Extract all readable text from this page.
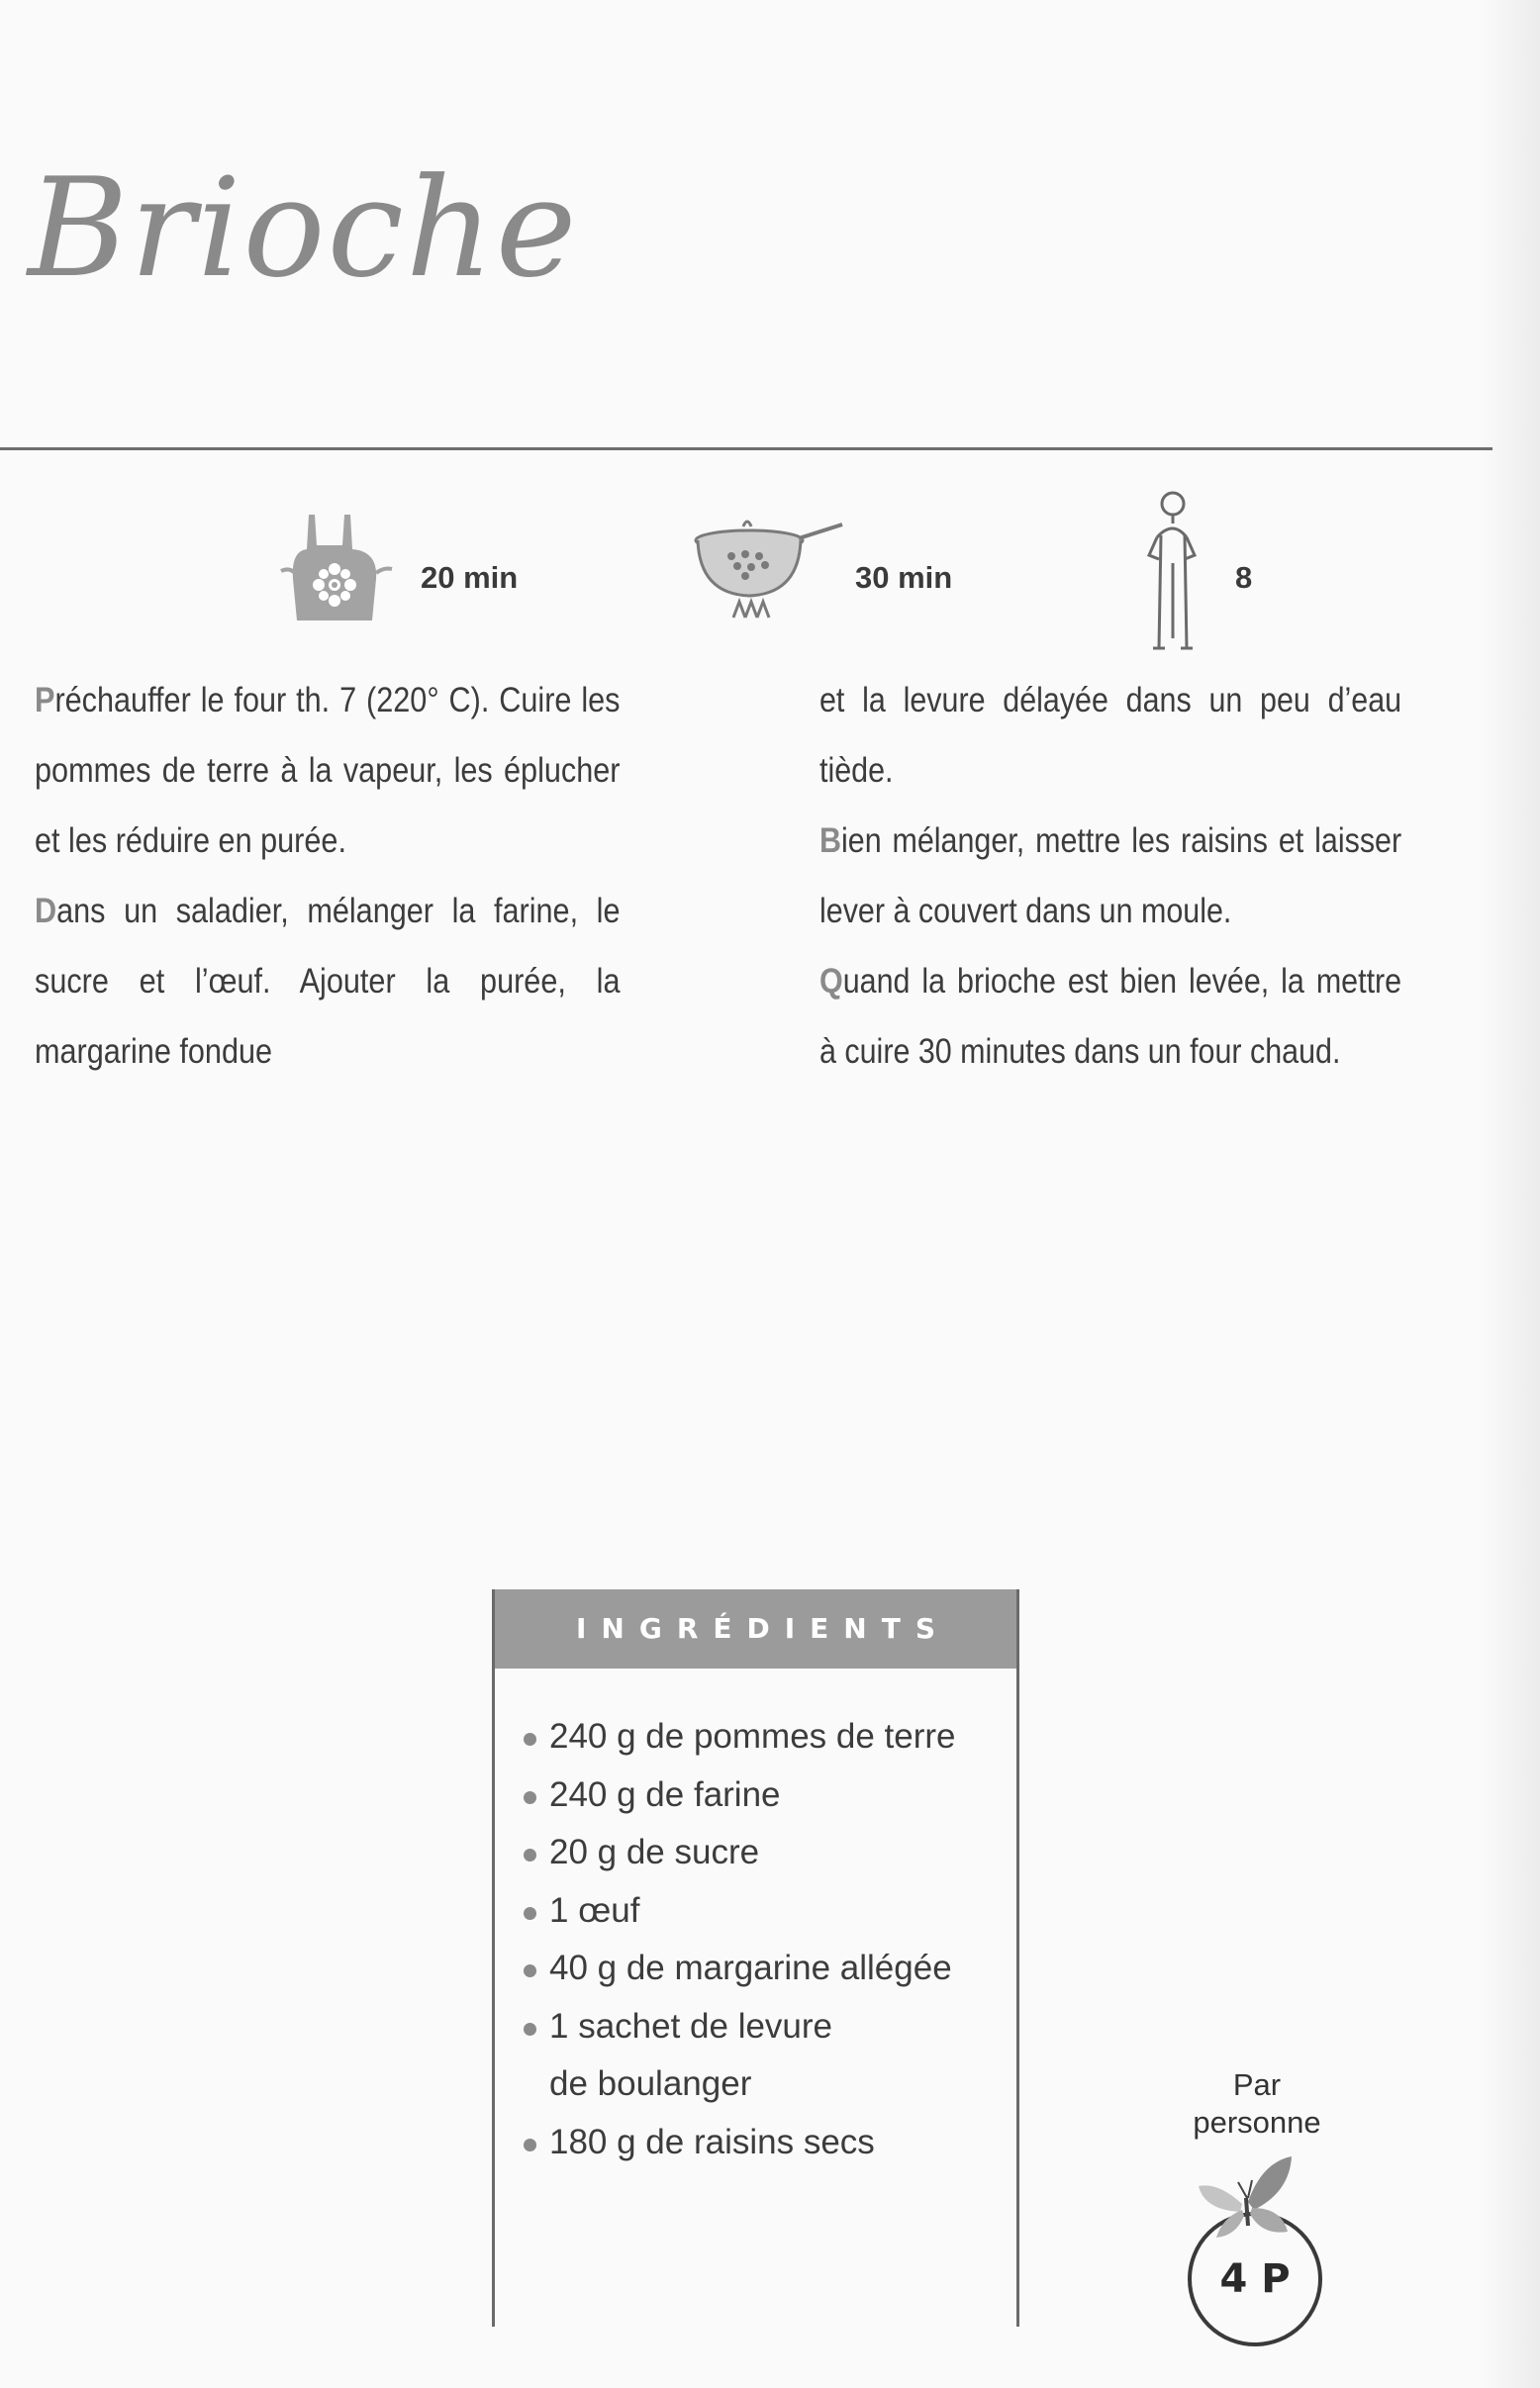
Brioche
20 min	30 min	8

Préchauffer le four th. 7 (220° C). Cuire les pommes de terre à la vapeur, les éplucher et les réduire en purée.

Dans un saladier, mélanger la farine, le sucre et l’œuf. Ajouter la purée, la margarine fondue

et la levure délayée dans un peu d’eau tiède.

Bien mélanger, mettre les raisins et laisser lever à couvert dans un moule.

Quand la brioche est bien levée, la mettre à cuire 30 minutes dans un four chaud.

INGRÉDIENTS
240 g de pommes de terre
240 g de farine
20 g de sucre
1 œuf
40 g de margarine allégée
1 sachet de levure
de boulanger
180 g de raisins secs
Par
personne
4 P
